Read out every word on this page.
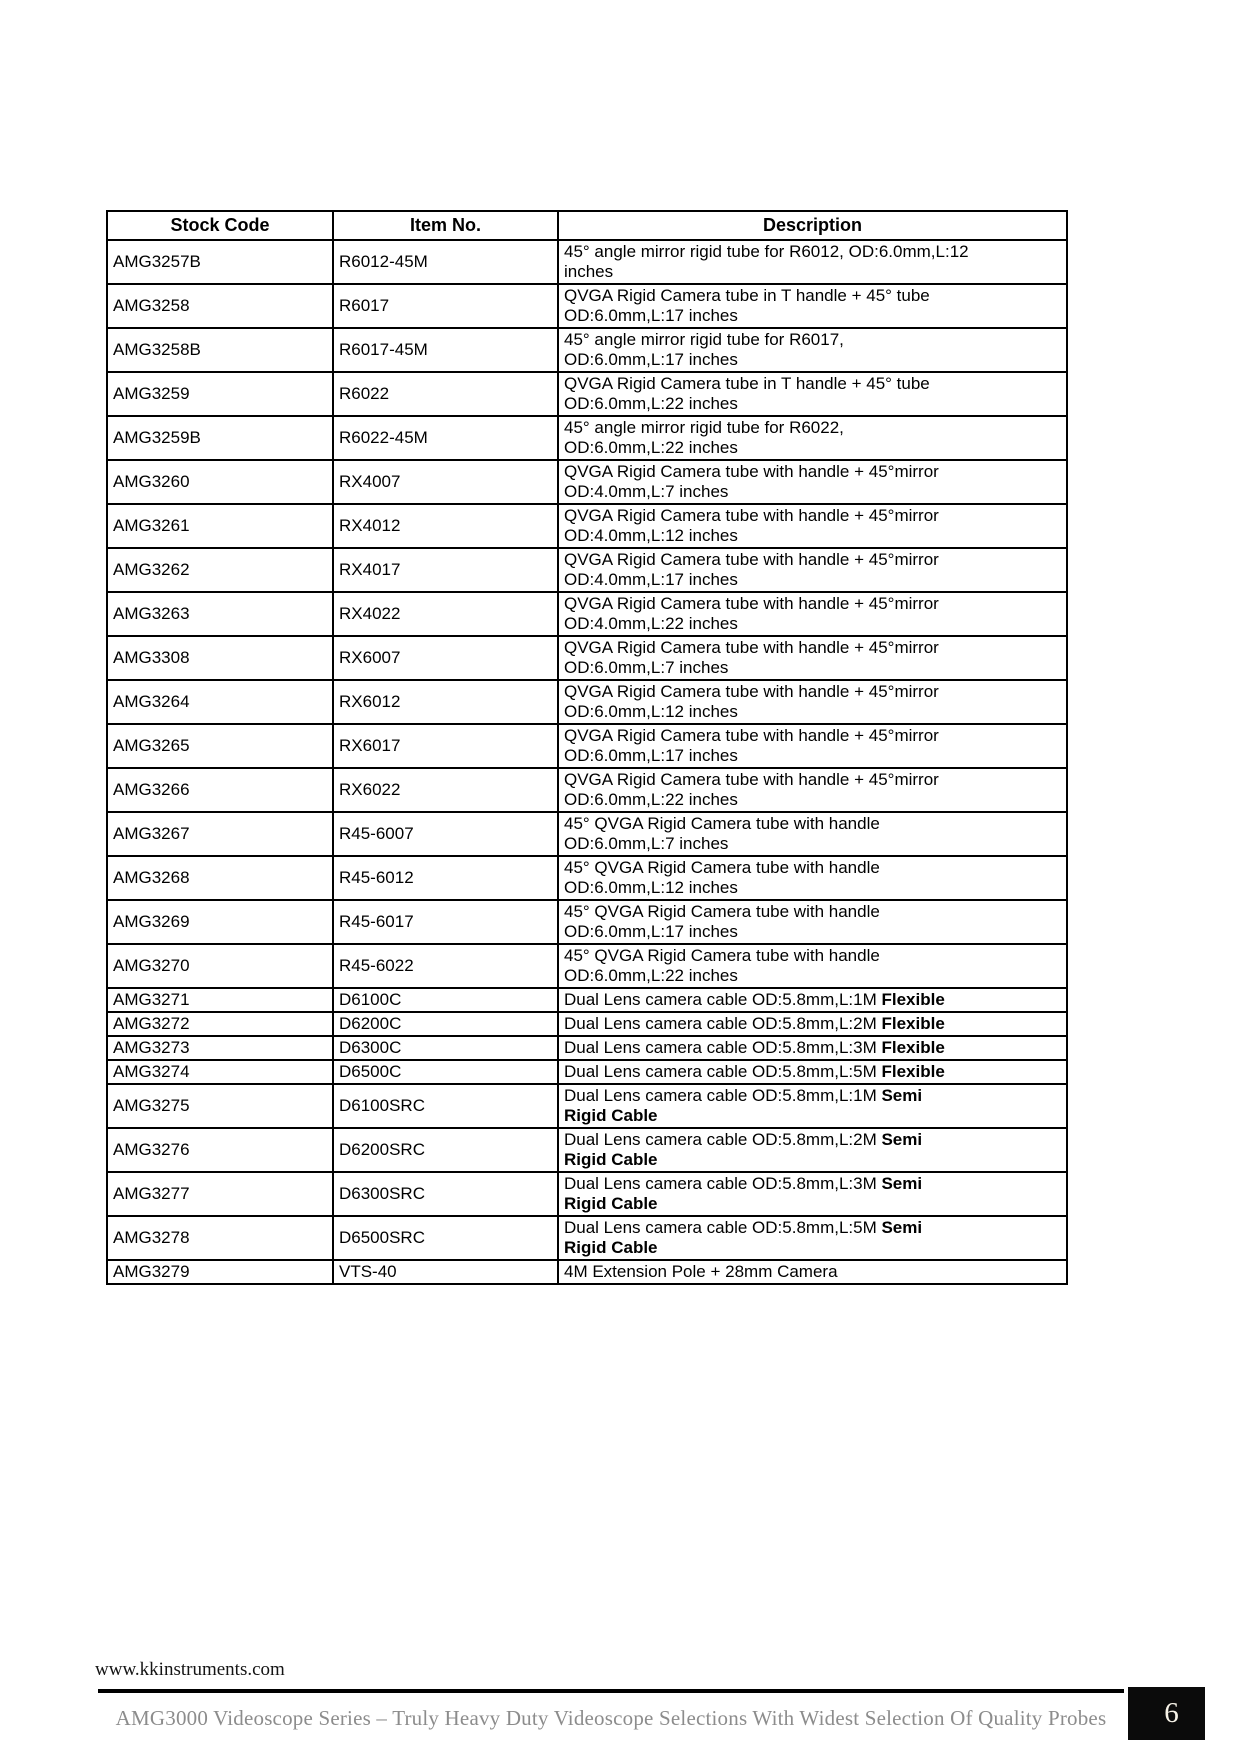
Stock Code	Item No.	Description
AMG3257B	R6012-45M	45° angle mirror rigid tube for R6012, OD:6.0mm,L:12
inches
AMG3258	R6017	QVGA Rigid Camera tube in T handle + 45° tube
OD:6.0mm,L:17 inches
AMG3258B	R6017-45M	45° angle mirror rigid tube for R6017,
OD:6.0mm,L:17 inches
AMG3259	R6022	QVGA Rigid Camera tube in T handle + 45° tube
OD:6.0mm,L:22 inches
AMG3259B	R6022-45M	45° angle mirror rigid tube for R6022,
OD:6.0mm,L:22 inches
AMG3260	RX4007	QVGA Rigid Camera tube with handle + 45°mirror
OD:4.0mm,L:7 inches
AMG3261	RX4012	QVGA Rigid Camera tube with handle + 45°mirror
OD:4.0mm,L:12 inches
AMG3262	RX4017	QVGA Rigid Camera tube with handle + 45°mirror
OD:4.0mm,L:17 inches
AMG3263	RX4022	QVGA Rigid Camera tube with handle + 45°mirror
OD:4.0mm,L:22 inches
AMG3308	RX6007	QVGA Rigid Camera tube with handle + 45°mirror
OD:6.0mm,L:7 inches
AMG3264	RX6012	QVGA Rigid Camera tube with handle + 45°mirror
OD:6.0mm,L:12 inches
AMG3265	RX6017	QVGA Rigid Camera tube with handle + 45°mirror
OD:6.0mm,L:17 inches
AMG3266	RX6022	QVGA Rigid Camera tube with handle + 45°mirror
OD:6.0mm,L:22 inches
AMG3267	R45-6007	45° QVGA Rigid Camera tube with handle
OD:6.0mm,L:7 inches
AMG3268	R45-6012	45° QVGA Rigid Camera tube with handle
OD:6.0mm,L:12 inches
AMG3269	R45-6017	45° QVGA Rigid Camera tube with handle
OD:6.0mm,L:17 inches
AMG3270	R45-6022	45° QVGA Rigid Camera tube with handle
OD:6.0mm,L:22 inches
AMG3271	D6100C	Dual Lens camera cable OD:5.8mm,L:1M Flexible
AMG3272	D6200C	Dual Lens camera cable OD:5.8mm,L:2M Flexible
AMG3273	D6300C	Dual Lens camera cable OD:5.8mm,L:3M Flexible
AMG3274	D6500C	Dual Lens camera cable OD:5.8mm,L:5M Flexible
AMG3275	D6100SRC	Dual Lens camera cable OD:5.8mm,L:1M Semi
Rigid Cable
AMG3276	D6200SRC	Dual Lens camera cable OD:5.8mm,L:2M Semi
Rigid Cable
AMG3277	D6300SRC	Dual Lens camera cable OD:5.8mm,L:3M Semi
Rigid Cable
AMG3278	D6500SRC	Dual Lens camera cable OD:5.8mm,L:5M Semi
Rigid Cable
AMG3279	VTS-40	4M Extension Pole + 28mm Camera
www.kkinstruments.com
AMG3000 Videoscope Series – Truly Heavy Duty Videoscope Selections With Widest Selection Of Quality Probes	6
